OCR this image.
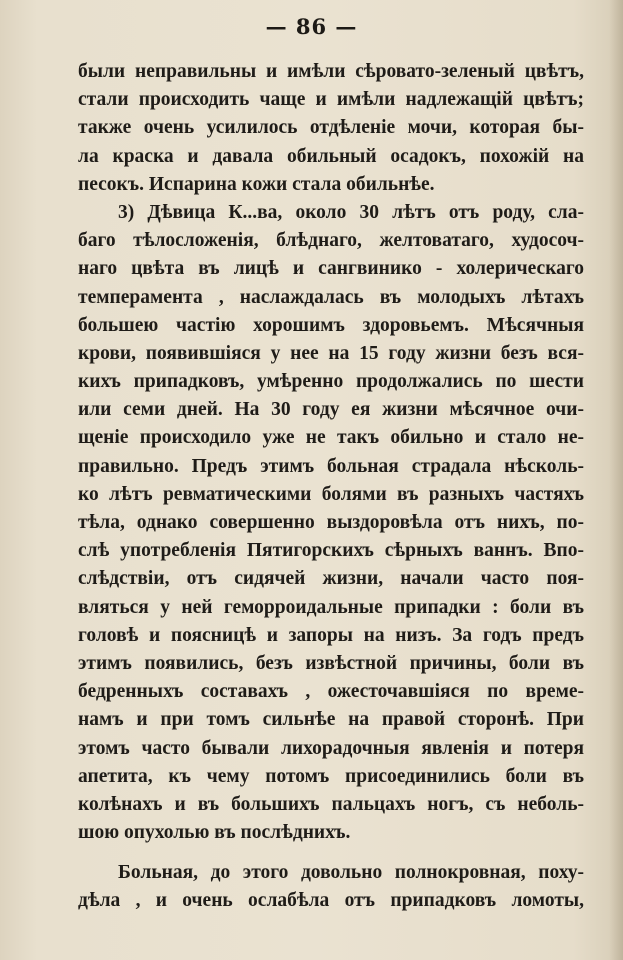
— 86 —
были неправильны и имѣли сѣровато-зеленый цвѣтъ,
стали происходить чаще и имѣли надлежащій цвѣтъ;
также очень усилилось отдѣленіе мочи, которая бы-
ла краска и давала обильный осадокъ, похожій на
песокъ. Испарина кожи стала обильнѣе.
3) Дѣвица К...ва, около 30 лѣтъ отъ роду, сла-
баго тѣлосложенія, блѣднаго, желтоватаго, худосоч-
наго цвѣта въ лицѣ и сангвинико - холерическаго
темперамента , наслаждалась въ молодыхъ лѣтахъ
большею частію хорошимъ здоровьемъ. Мѣсячныя
крови, появившіяся у нее на 15 году жизни безъ вся-
кихъ припадковъ, умѣренно продолжались по шести
или семи дней. На 30 году ея жизни мѣсячное очи-
щеніе происходило уже не такъ обильно и стало не-
правильно. Предъ этимъ больная страдала нѣсколь-
ко лѣтъ ревматическими болями въ разныхъ частяхъ
тѣла, однако совершенно выздоровѣла отъ нихъ, по-
слѣ употребленія Пятигорскихъ сѣрныхъ ваннъ. Впо-
слѣдствіи, отъ сидячей жизни, начали часто поя-
вляться у ней геморроидальные припадки : боли въ
головѣ и поясницѣ и запоры на низъ. За годъ предъ
этимъ появились, безъ извѣстной причины, боли въ
бедренныхъ составахъ , ожесточавшіяся по време-
намъ и при томъ сильнѣе на правой сторонѣ. При
этомъ часто бывали лихорадочныя явленія и потеря
апетита, къ чему потомъ присоединились боли въ
колѣнахъ и въ большихъ пальцахъ ногъ, съ неболь-
шою опухолью въ послѣднихъ.
Больная, до этого довольно полнокровная, поху-
дѣла , и очень ослабѣла отъ припадковъ ломоты,
